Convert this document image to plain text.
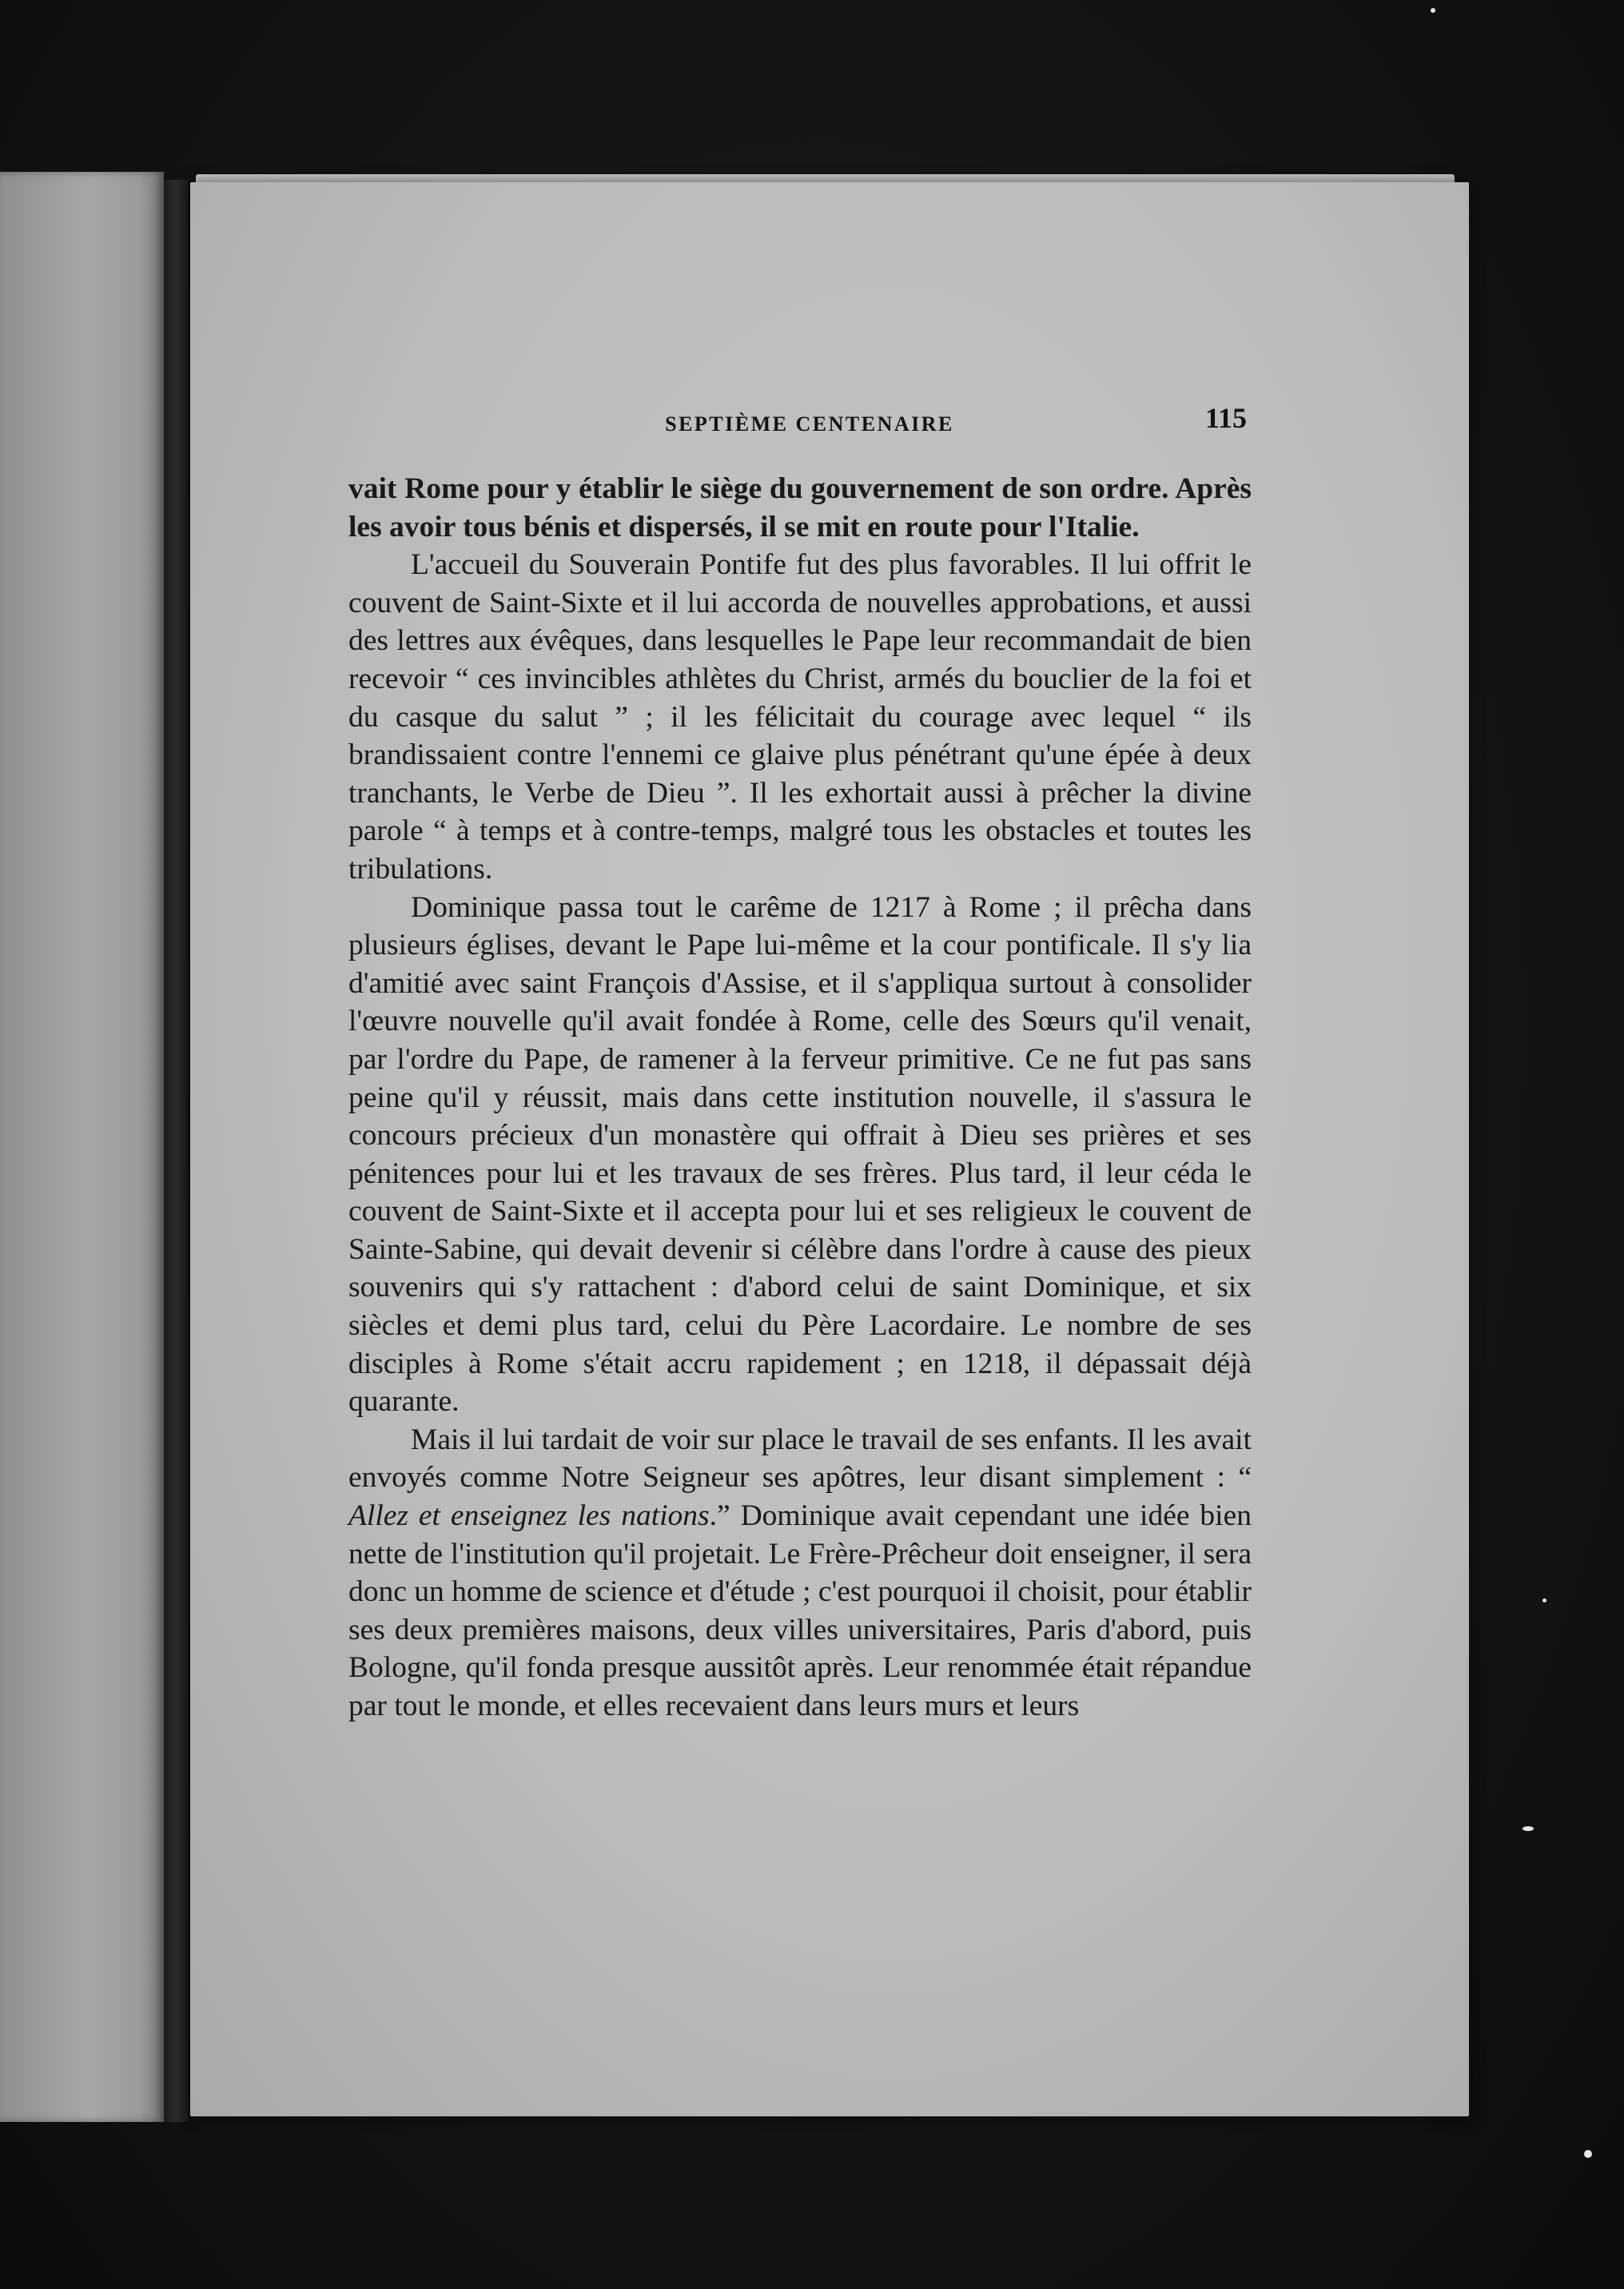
SEPTIÈME CENTENAIRE	115

vait Rome pour y établir le siège du gouvernement de son ordre. Après les avoir tous bénis et dispersés, il se mit en route pour l'Italie.

L'accueil du Souverain Pontife fut des plus favorables. Il lui offrit le couvent de Saint-Sixte et il lui accorda de nouvelles approbations, et aussi des lettres aux évêques, dans lesquelles le Pape leur recommandait de bien recevoir “ ces invincibles athlètes du Christ, armés du bouclier de la foi et du casque du salut ” ; il les félicitait du courage avec lequel “ ils brandissaient contre l'ennemi ce glaive plus pénétrant qu'une épée à deux tranchants, le Verbe de Dieu ”. Il les exhortait aussi à prêcher la divine parole “ à temps et à contre-temps, malgré tous les obstacles et toutes les tribulations.

Dominique passa tout le carême de 1217 à Rome ; il prêcha dans plusieurs églises, devant le Pape lui-même et la cour pontificale. Il s'y lia d'amitié avec saint François d'Assise, et il s'appliqua surtout à consolider l'œuvre nouvelle qu'il avait fondée à Rome, celle des Sœurs qu'il venait, par l'ordre du Pape, de ramener à la ferveur primitive. Ce ne fut pas sans peine qu'il y réussit, mais dans cette institution nouvelle, il s'assura le concours précieux d'un monastère qui offrait à Dieu ses prières et ses pénitences pour lui et les travaux de ses frères. Plus tard, il leur céda le couvent de Saint-Sixte et il accepta pour lui et ses religieux le couvent de Sainte-Sabine, qui devait devenir si célèbre dans l'ordre à cause des pieux souvenirs qui s'y rattachent : d'abord celui de saint Dominique, et six siècles et demi plus tard, celui du Père Lacordaire. Le nombre de ses disciples à Rome s'était accru rapidement ; en 1218, il dépassait déjà quarante.

Mais il lui tardait de voir sur place le travail de ses enfants. Il les avait envoyés comme Notre Seigneur ses apôtres, leur disant simplement : “ Allez et enseignez les nations.” Dominique avait cependant une idée bien nette de l'institution qu'il projetait. Le Frère-Prêcheur doit enseigner, il sera donc un homme de science et d'étude ; c'est pourquoi il choisit, pour établir ses deux premières maisons, deux villes universitaires, Paris d'abord, puis Bologne, qu'il fonda presque aussitôt après. Leur renommée était répandue par tout le monde, et elles recevaient dans leurs murs et leurs
